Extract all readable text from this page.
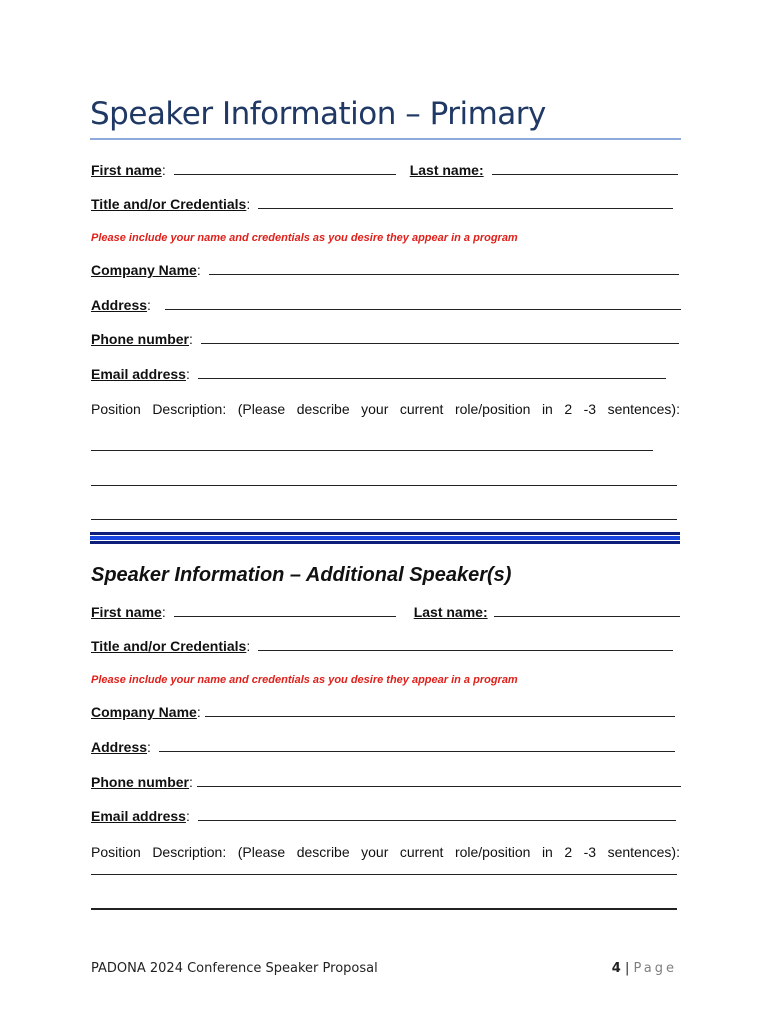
Speaker Information – Primary
First name :	Last name:
Title and/or Credentials :
Please include your name and credentials as you desire they appear in a program
Company Name :
Address :
Phone number :
Email address :
Position Description: (Please describe your current role/position in 2 -3 sentences):
Speaker Information – Additional Speaker(s)
First name :	Last name:
Title and/or Credentials :
Please include your name and credentials as you desire they appear in a program
Company Name :
Address :
Phone number :
Email address :
Position Description: (Please describe your current role/position in 2 -3 sentences):
PADONA 2024 Conference Speaker Proposal	4 | Page
